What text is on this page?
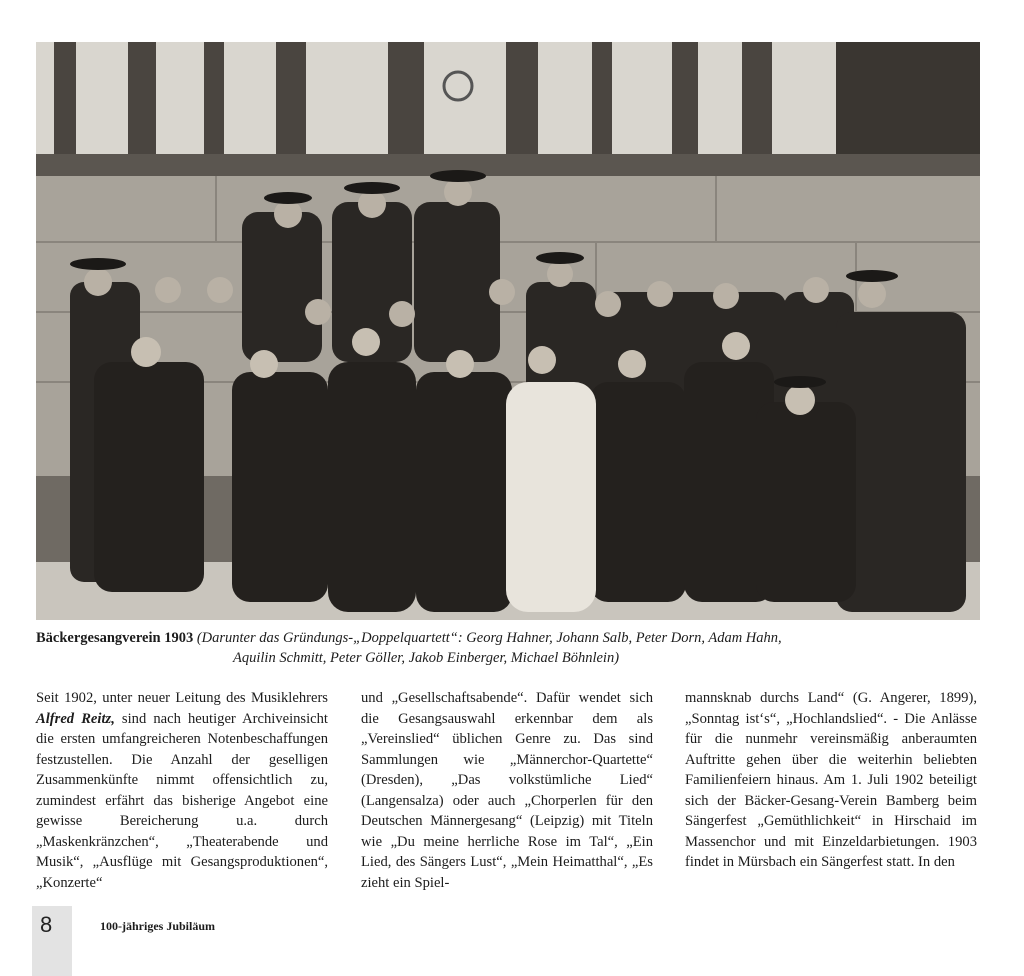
Bäckergesangverein 1903 (Darunter das Gründungs-„Doppelquartett“: Georg Hahner, Johann Salb, Peter Dorn, Adam Hahn,
Aquilin Schmitt, Peter Göller, Jakob Einberger, Michael Böhnlein)

Seit 1902, unter neuer Leitung des Musiklehrers Alfred Reitz, sind nach heutiger Archiveinsicht die ersten umfangreicheren Notenbeschaffungen festzustellen. Die Anzahl der geselligen Zusammenkünfte nimmt offensichtlich zu, zumindest erfährt das bisherige Angebot eine gewisse Bereicherung u.a. durch „Maskenkränzchen“, „Theaterabende und Musik“, „Ausflüge mit Gesangsproduktionen“, „Konzerte“

und „Gesellschaftsabende“. Dafür wendet sich die Gesangsauswahl erkennbar dem als „Vereinslied“ üblichen Genre zu. Das sind Sammlungen wie „Männerchor-Quartette“ (Dresden), „Das volkstümliche Lied“ (Langensalza) oder auch „Chorperlen für den Deutschen Männergesang“ (Leipzig) mit Titeln wie „Du meine herrliche Rose im Tal“, „Ein Lied, des Sängers Lust“, „Mein Heimatthal“, „Es zieht ein Spiel-

mannsknab durchs Land“ (G. Angerer, 1899), „Sonntag ist‘s“, „Hochlandslied“. - Die Anlässe für die nunmehr vereinsmäßig anberaumten Auftritte gehen über die weiterhin beliebten Familienfeiern hinaus. Am 1. Juli 1902 beteiligt sich der Bäcker-Gesang-Verein Bamberg beim Sängerfest „Gemüthlichkeit“ in Hirschaid im Massenchor und mit Einzeldarbietungen. 1903 findet in Mürsbach ein Sängerfest statt. In den

8	100-jähriges Jubiläum
